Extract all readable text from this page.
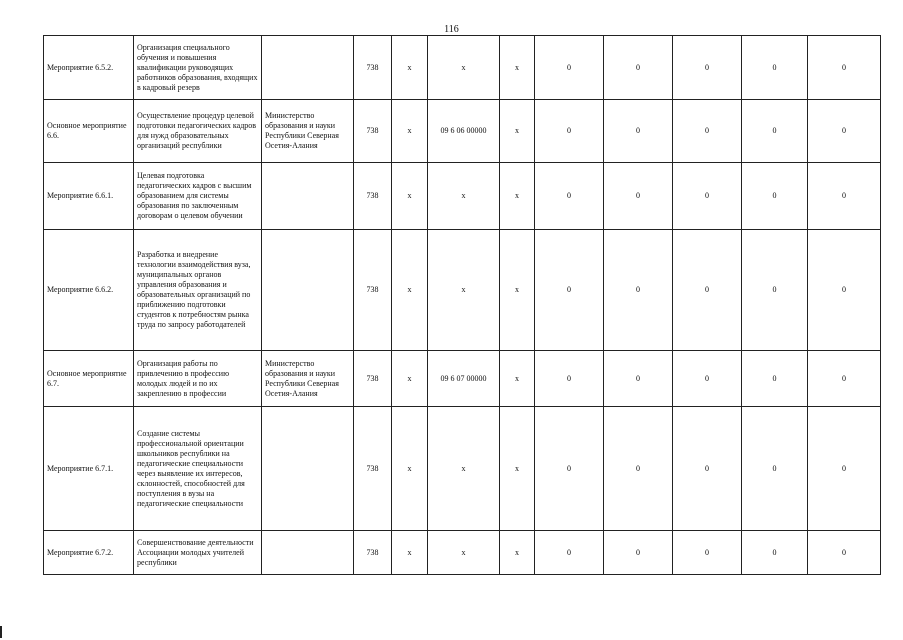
116
Мероприятие 6.5.2.	Организация специального обучения и повышения квалификации руководящих работников образования, входящих в кадровый резерв		738	x	x	x	0	0	0	0	0
Основное мероприятие 6.6.	Осуществление процедур целевой подготовки педагогических кадров для нужд образовательных организаций республики	Министерство образования и науки Республики Северная Осетия-Алания	738	x	09 6 06 00000	x	0	0	0	0	0
Мероприятие 6.6.1.	Целевая подготовка педагогических кадров с высшим образованием для системы образования по заключенным договорам о целевом обучении		738	x	x	x	0	0	0	0	0
Мероприятие 6.6.2.	Разработка и внедрение технологии взаимодействия вуза, муниципальных органов управления образования и образовательных организаций по приближению подготовки студентов к потребностям рынка труда по запросу работодателей		738	x	x	x	0	0	0	0	0
Основное мероприятие 6.7.	Организация работы по привлечению в профессию молодых людей и по их закреплению в профессии	Министерство образования и науки Республики Северная Осетия-Алания	738	x	09 6 07 00000	x	0	0	0	0	0
Мероприятие 6.7.1.	Создание системы профессиональной ориентации школьников республики на педагогические специальности через выявление их интересов, склонностей, способностей для поступления в вузы на педагогические специальности		738	x	x	x	0	0	0	0	0
Мероприятие 6.7.2.	Совершенствование деятельности Ассоциации молодых учителей республики		738	x	x	x	0	0	0	0	0
